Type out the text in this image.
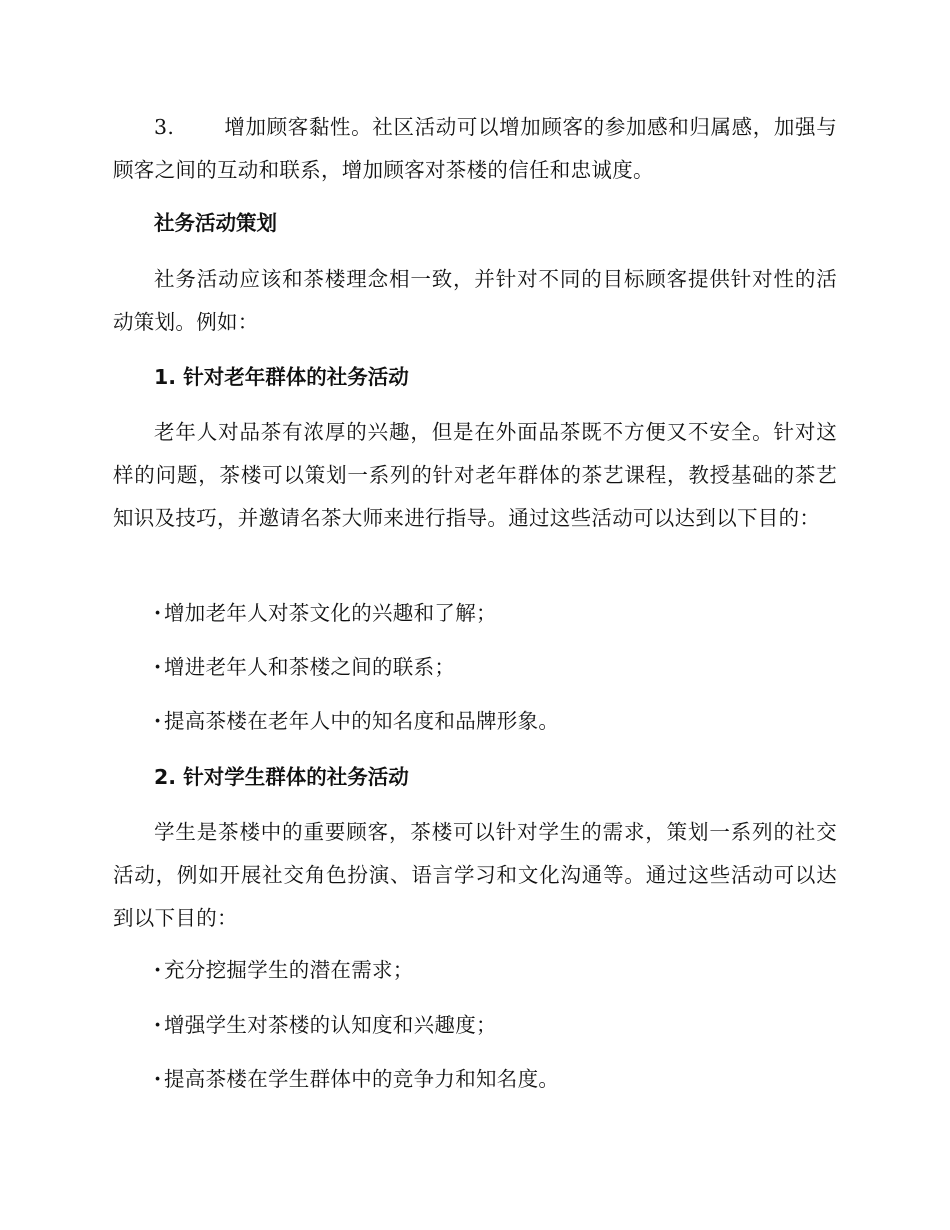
3. 增加顾客黏性。社区活动可以增加顾客的参加感和归属感，加强与顾客之间的互动和联系，增加顾客对茶楼的信任和忠诚度。

社务活动策划

社务活动应该和茶楼理念相一致，并针对不同的目标顾客提供针对性的活动策划。例如：

1. 针对老年群体的社务活动

老年人对品茶有浓厚的兴趣，但是在外面品茶既不方便又不安全。针对这样的问题，茶楼可以策划一系列的针对老年群体的茶艺课程，教授基础的茶艺知识及技巧，并邀请名茶大师来进行指导。通过这些活动可以达到以下目的：

· 增加老年人对茶文化的兴趣和了解；

· 增进老年人和茶楼之间的联系；

· 提高茶楼在老年人中的知名度和品牌形象。

2. 针对学生群体的社务活动

学生是茶楼中的重要顾客，茶楼可以针对学生的需求，策划一系列的社交活动，例如开展社交角色扮演、语言学习和文化沟通等。通过这些活动可以达到以下目的：

· 充分挖掘学生的潜在需求；

· 增强学生对茶楼的认知度和兴趣度；

· 提高茶楼在学生群体中的竞争力和知名度。
